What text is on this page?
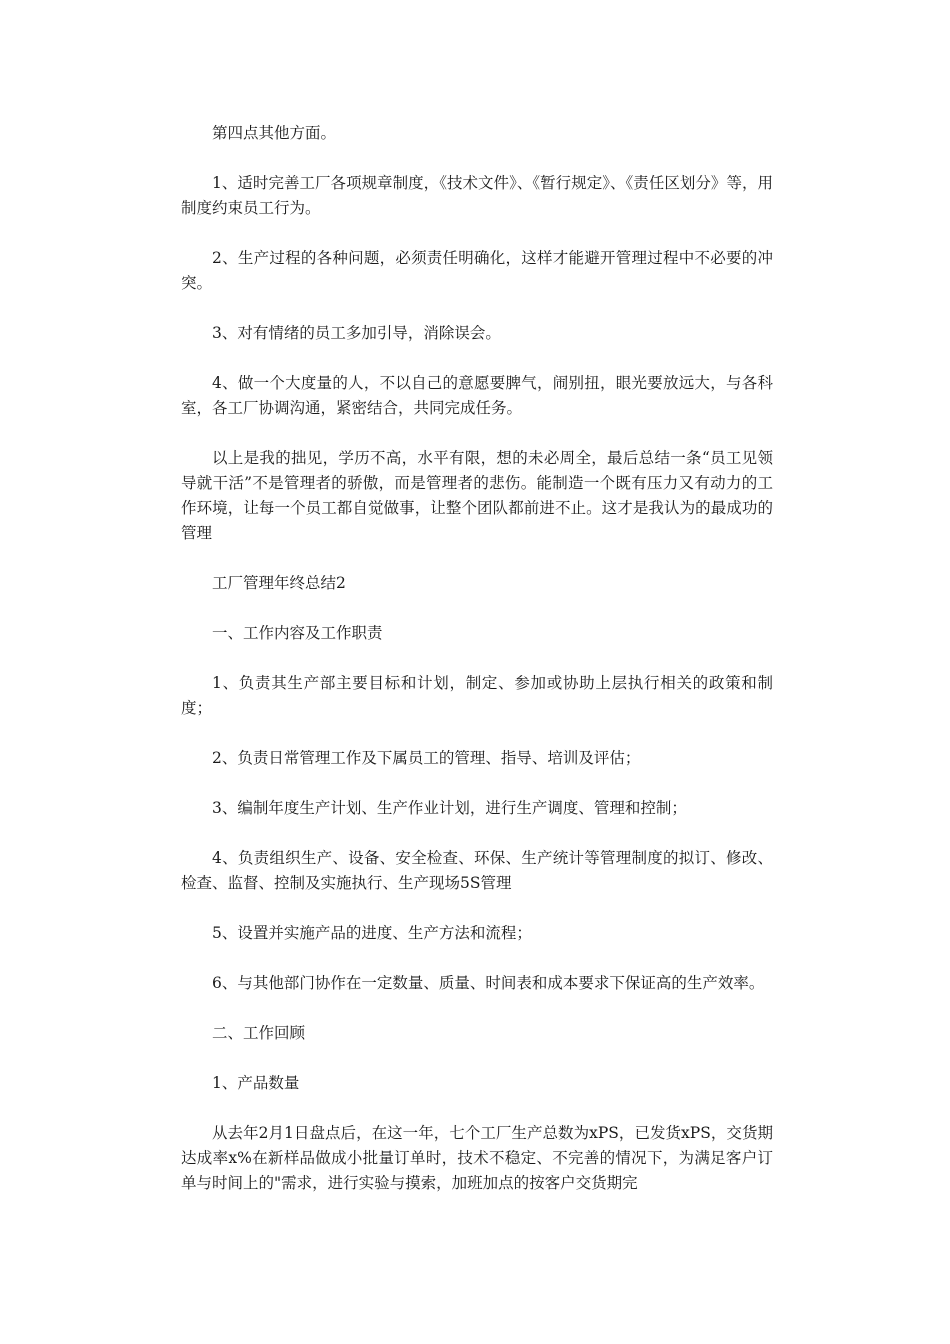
第四点其他方面。

1、适时完善工厂各项规章制度，《技术文件》、《暂行规定》、《责任区划分》等，用制度约束员工行为。

2、生产过程的各种问题，必须责任明确化，这样才能避开管理过程中不必要的冲突。

3、对有情绪的员工多加引导，消除误会。

4、做一个大度量的人，不以自己的意愿要脾气，闹别扭，眼光要放远大，与各科室，各工厂协调沟通，紧密结合，共同完成任务。

以上是我的拙见，学历不高，水平有限，想的未必周全，最后总结一条“员工见领导就干活”不是管理者的骄傲，而是管理者的悲伤。能制造一个既有压力又有动力的工作环境，让每一个员工都自觉做事，让整个团队都前进不止。这才是我认为的最成功的管理

工厂管理年终总结2

一、工作内容及工作职责

1、负责其生产部主要目标和计划，制定、参加或协助上层执行相关的政策和制度；

2、负责日常管理工作及下属员工的管理、指导、培训及评估；

3、编制年度生产计划、生产作业计划，进行生产调度、管理和控制；

4、负责组织生产、设备、安全检查、环保、生产统计等管理制度的拟订、修改、检查、监督、控制及实施执行、生产现场5S管理

5、设置并实施产品的进度、生产方法和流程；

6、与其他部门协作在一定数量、质量、时间表和成本要求下保证高的生产效率。

二、工作回顾

1、产品数量

从去年2月1日盘点后，在这一年，七个工厂生产总数为xPS，已发货xPS，交货期达成率x%在新样品做成小批量订单时，技术不稳定、不完善的情况下，为满足客户订单与时间上的"需求，进行实验与摸索，加班加点的按客户交货期完
